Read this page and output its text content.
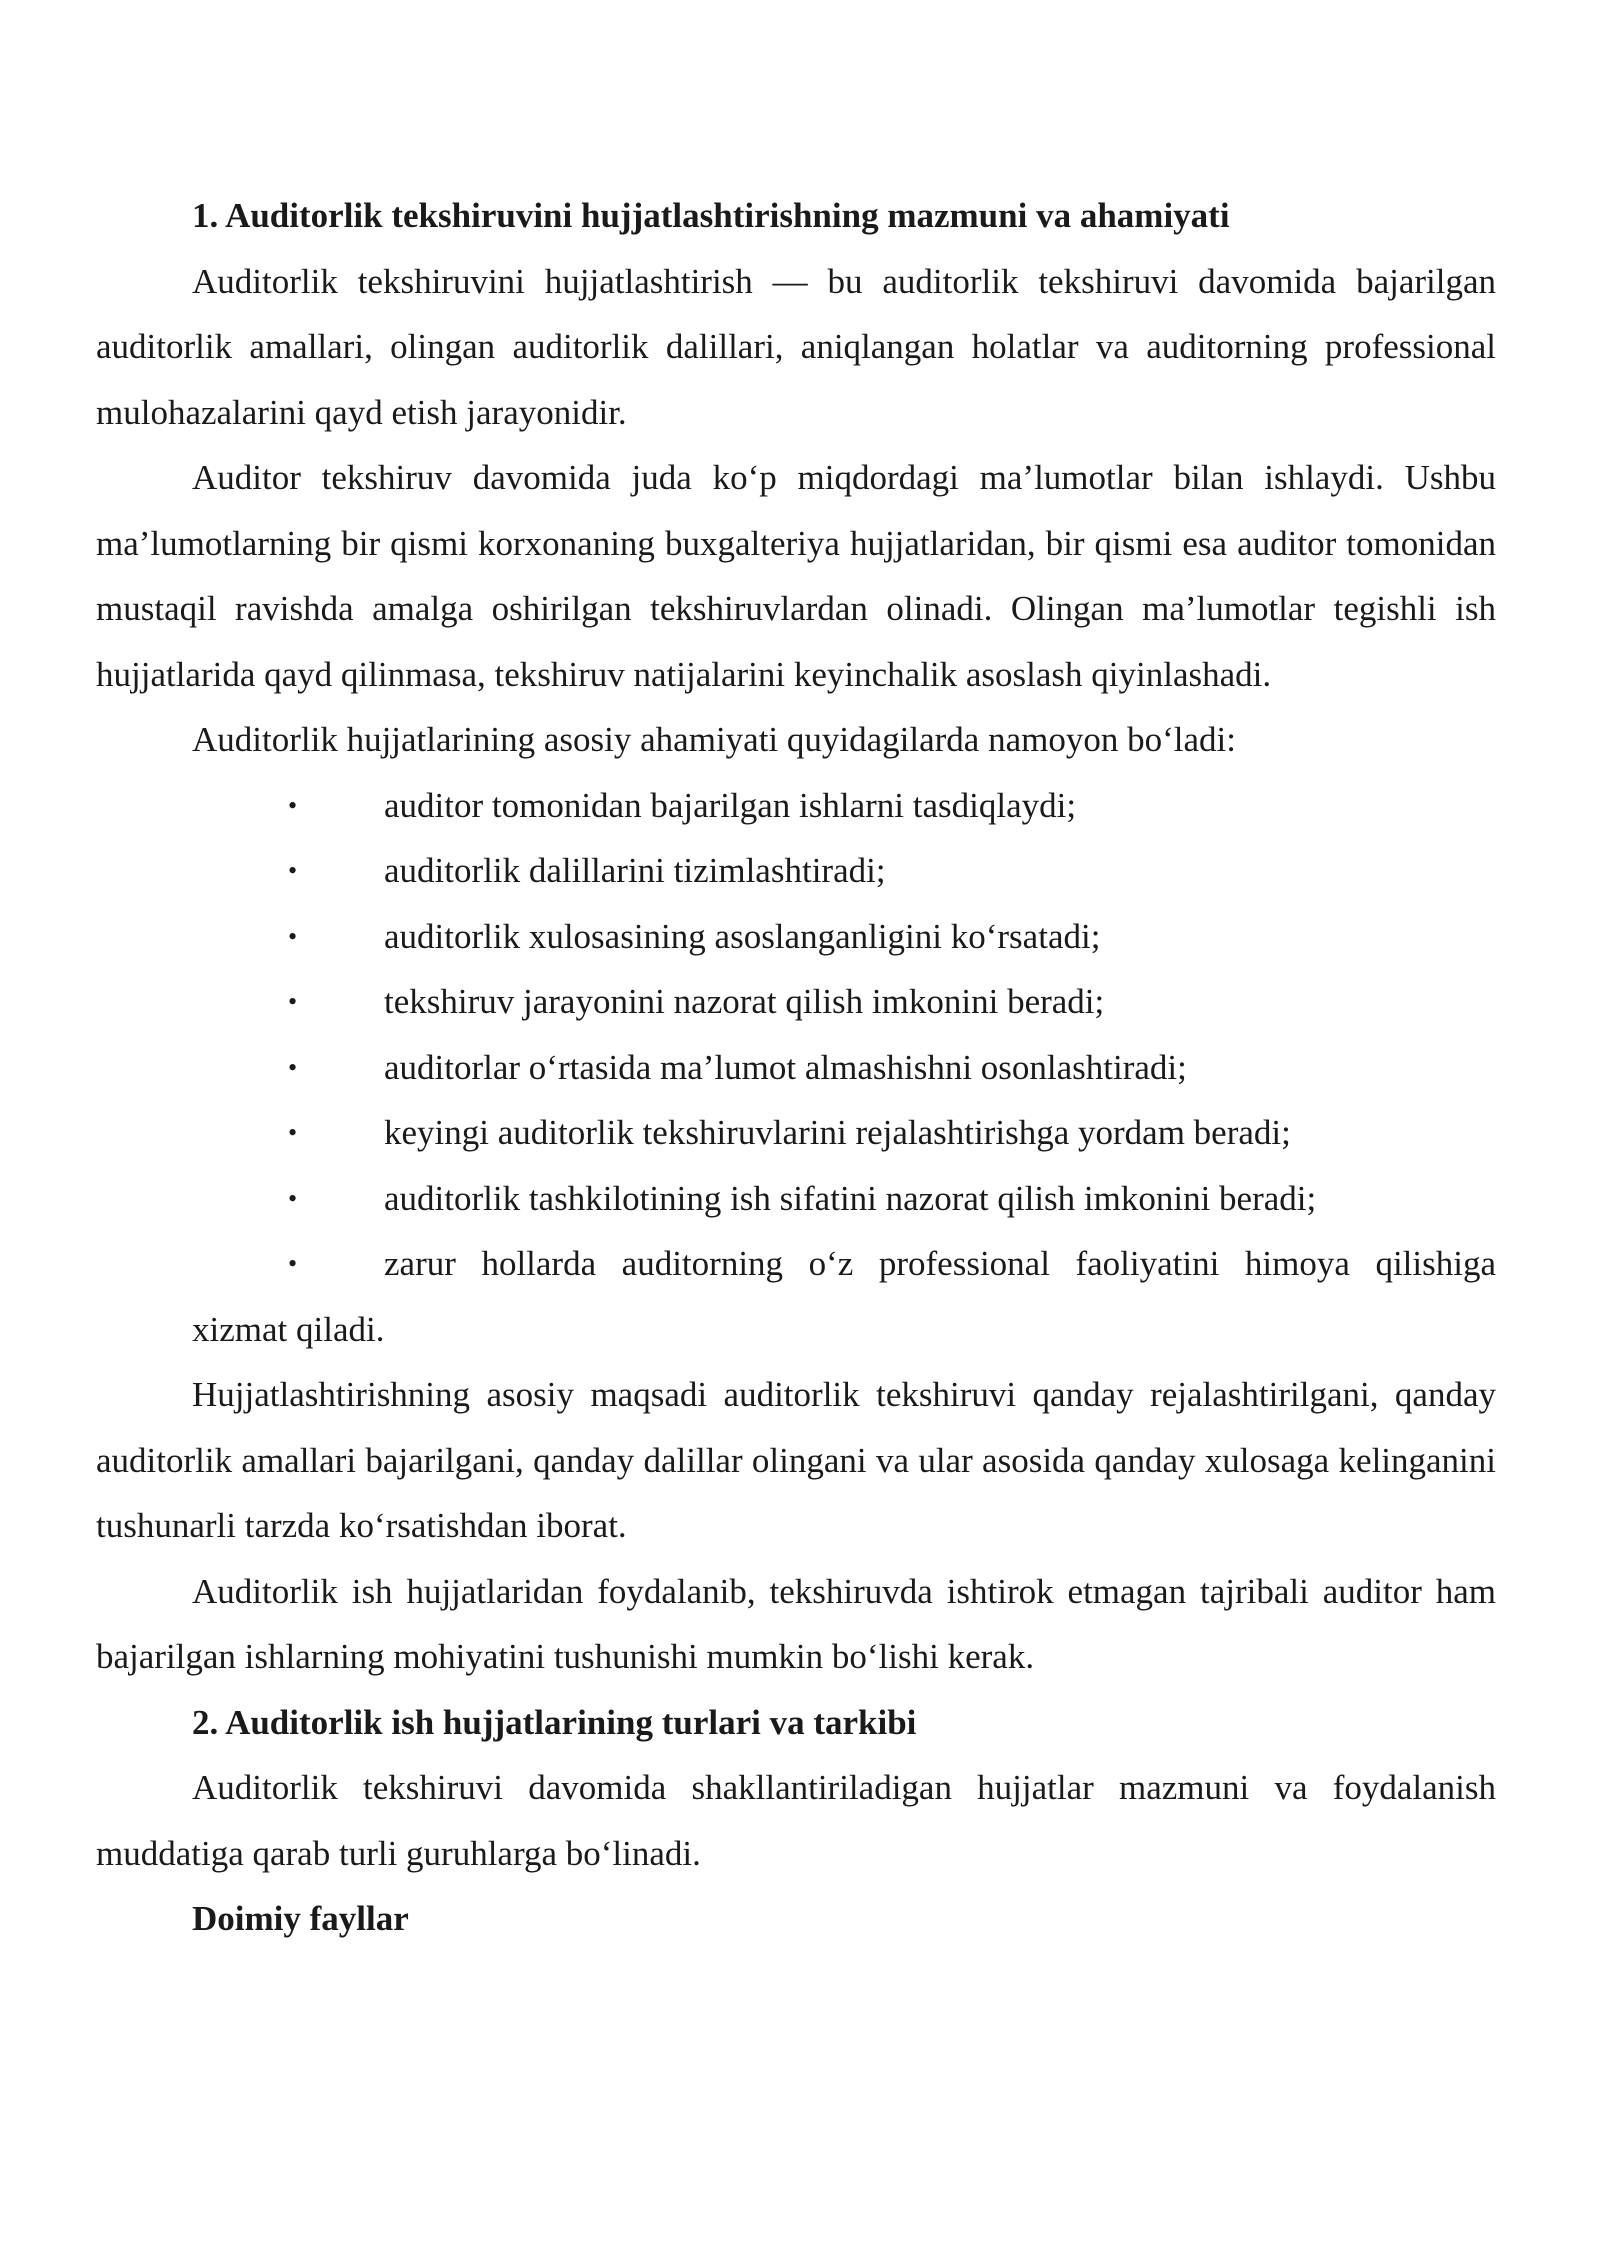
1. Auditorlik tekshiruvini hujjatlashtirishning mazmuni va ahamiyati

Auditorlik tekshiruvini hujjatlashtirish — bu auditorlik tekshiruvi davomida bajarilgan auditorlik amallari, olingan auditorlik dalillari, aniqlangan holatlar va auditorning professional mulohazalarini qayd etish jarayonidir.

Auditor tekshiruv davomida juda ko‘p miqdordagi ma’lumotlar bilan ishlaydi. Ushbu ma’lumotlarning bir qismi korxonaning buxgalteriya hujjatlaridan, bir qismi esa auditor tomonidan mustaqil ravishda amalga oshirilgan tekshiruvlardan olinadi. Olingan ma’lumotlar tegishli ish hujjatlarida qayd qilinmasa, tekshiruv natijalarini keyinchalik asoslash qiyinlashadi.

Auditorlik hujjatlarining asosiy ahamiyati quyidagilarda namoyon bo‘ladi:

• auditor tomonidan bajarilgan ishlarni tasdiqlaydi;
• auditorlik dalillarini tizimlashtiradi;
• auditorlik xulosasining asoslanganligini ko‘rsatadi;
• tekshiruv jarayonini nazorat qilish imkonini beradi;
• auditorlar o‘rtasida ma’lumot almashishni osonlashtiradi;
• keyingi auditorlik tekshiruvlarini rejalashtirishga yordam beradi;
• auditorlik tashkilotining ish sifatini nazorat qilish imkonini beradi;
• zarur hollarda auditorning o‘z professional faoliyatini himoya qilishiga

xizmat qiladi.

Hujjatlashtirishning asosiy maqsadi auditorlik tekshiruvi qanday rejalashtirilgani, qanday auditorlik amallari bajarilgani, qanday dalillar olingani va ular asosida qanday xulosaga kelinganini tushunarli tarzda ko‘rsatishdan iborat.

Auditorlik ish hujjatlaridan foydalanib, tekshiruvda ishtirok etmagan tajribali auditor ham bajarilgan ishlarning mohiyatini tushunishi mumkin bo‘lishi kerak.

2. Auditorlik ish hujjatlarining turlari va tarkibi

Auditorlik tekshiruvi davomida shakllantiriladigan hujjatlar mazmuni va foydalanish muddatiga qarab turli guruhlarga bo‘linadi.

Doimiy fayllar
